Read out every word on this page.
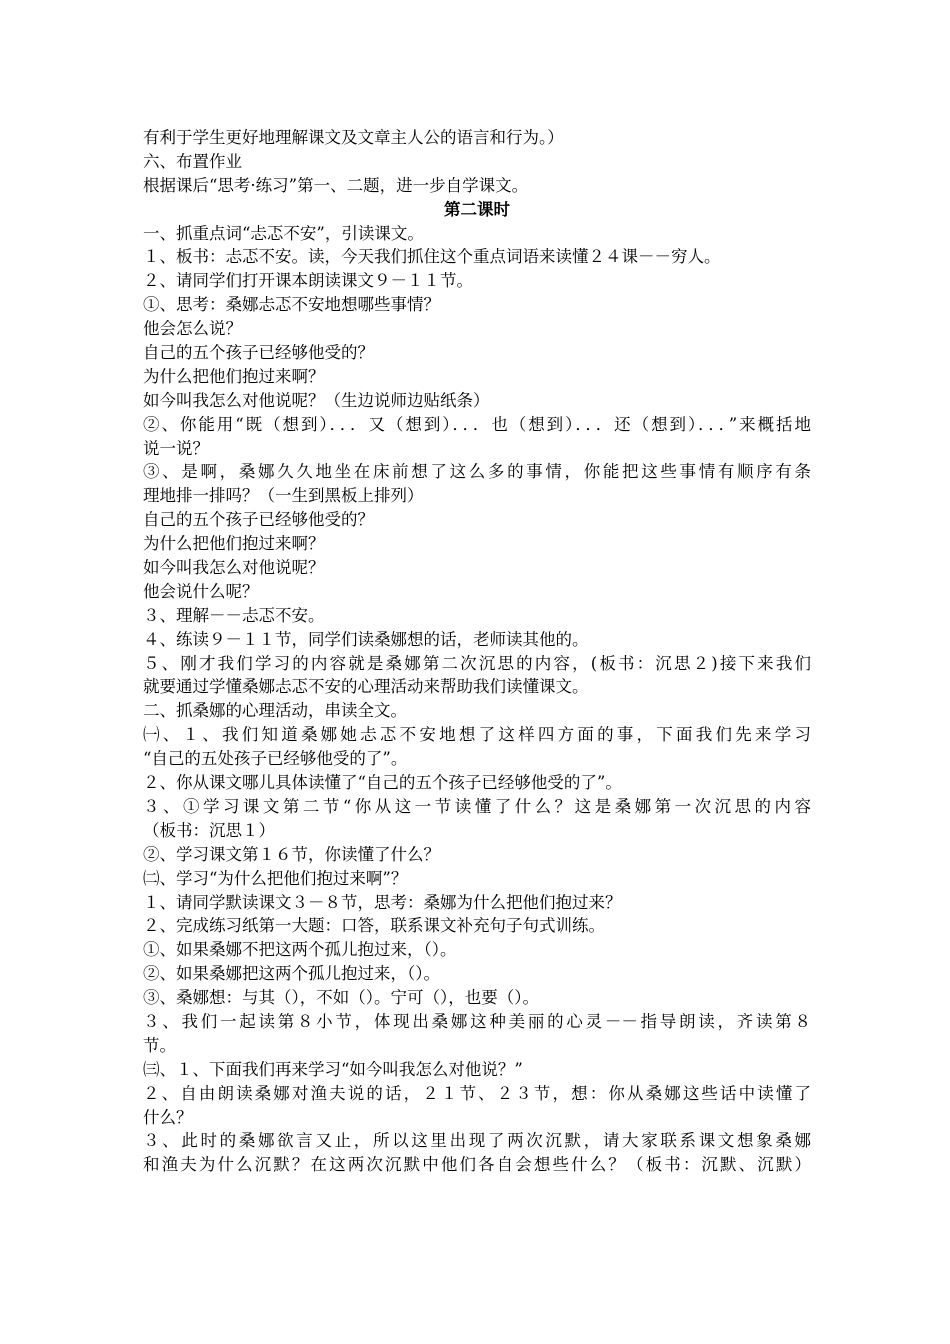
有利于学生更好地理解课文及文章主人公的语言和行为。）
六、布置作业
根据课后“思考·练习”第一、二题，进一步自学课文。
第二课时
一、抓重点词“忐忑不安”，引读课文。
１、板书：忐忑不安。读，今天我们抓住这个重点词语来读懂２４课－－穷人。
２、请同学们打开课本朗读课文９－１１节。
①、思考：桑娜忐忑不安地想哪些事情？
他会怎么说？
自己的五个孩子已经够他受的？
为什么把他们抱过来啊？
如今叫我怎么对他说呢？（生边说师边贴纸条）
②、你能用“既（想到）．．．又（想到）．．．也（想到）．．．还（想到）．．．”来概括地
说一说？
③、是啊，桑娜久久地坐在床前想了这么多的事情，你能把这些事情有顺序有条
理地排一排吗？（一生到黑板上排列）
自己的五个孩子已经够他受的？
为什么把他们抱过来啊？
如今叫我怎么对他说呢？
他会说什么呢？
３、理解－－忐忑不安。
４、练读９－１１节，同学们读桑娜想的话，老师读其他的。
５、刚才我们学习的内容就是桑娜第二次沉思的内容，(板书：沉思２)接下来我们
就要通过学懂桑娜忐忑不安的心理活动来帮助我们读懂课文。
二、抓桑娜的心理活动，串读全文。
㈠、１、我们知道桑娜她忐忑不安地想了这样四方面的事，下面我们先来学习
“自己的五处孩子已经够他受的了”。
２、你从课文哪儿具体读懂了“自己的五个孩子已经够他受的了”。
３、①学习课文第二节“你从这一节读懂了什么？这是桑娜第一次沉思的内容
（板书：沉思１）
②、学习课文第１６节，你读懂了什么？
㈡、学习“为什么把他们抱过来啊”？
１、请同学默读课文３－８节，思考：桑娜为什么把他们抱过来？
２、完成练习纸第一大题：口答，联系课文补充句子句式训练。
①、如果桑娜不把这两个孤儿抱过来，（）。
②、如果桑娜把这两个孤儿抱过来，（）。
③、桑娜想：与其（），不如（）。宁可（），也要（）。
３、我们一起读第８小节，体现出桑娜这种美丽的心灵－－指导朗读，齐读第８
节。
㈢、１、下面我们再来学习“如今叫我怎么对他说？”
２、自由朗读桑娜对渔夫说的话，２１节、２３节，想：你从桑娜这些话中读懂了
什么？
３、此时的桑娜欲言又止，所以这里出现了两次沉默，请大家联系课文想象桑娜
和渔夫为什么沉默？在这两次沉默中他们各自会想些什么？（板书：沉默、沉默）
